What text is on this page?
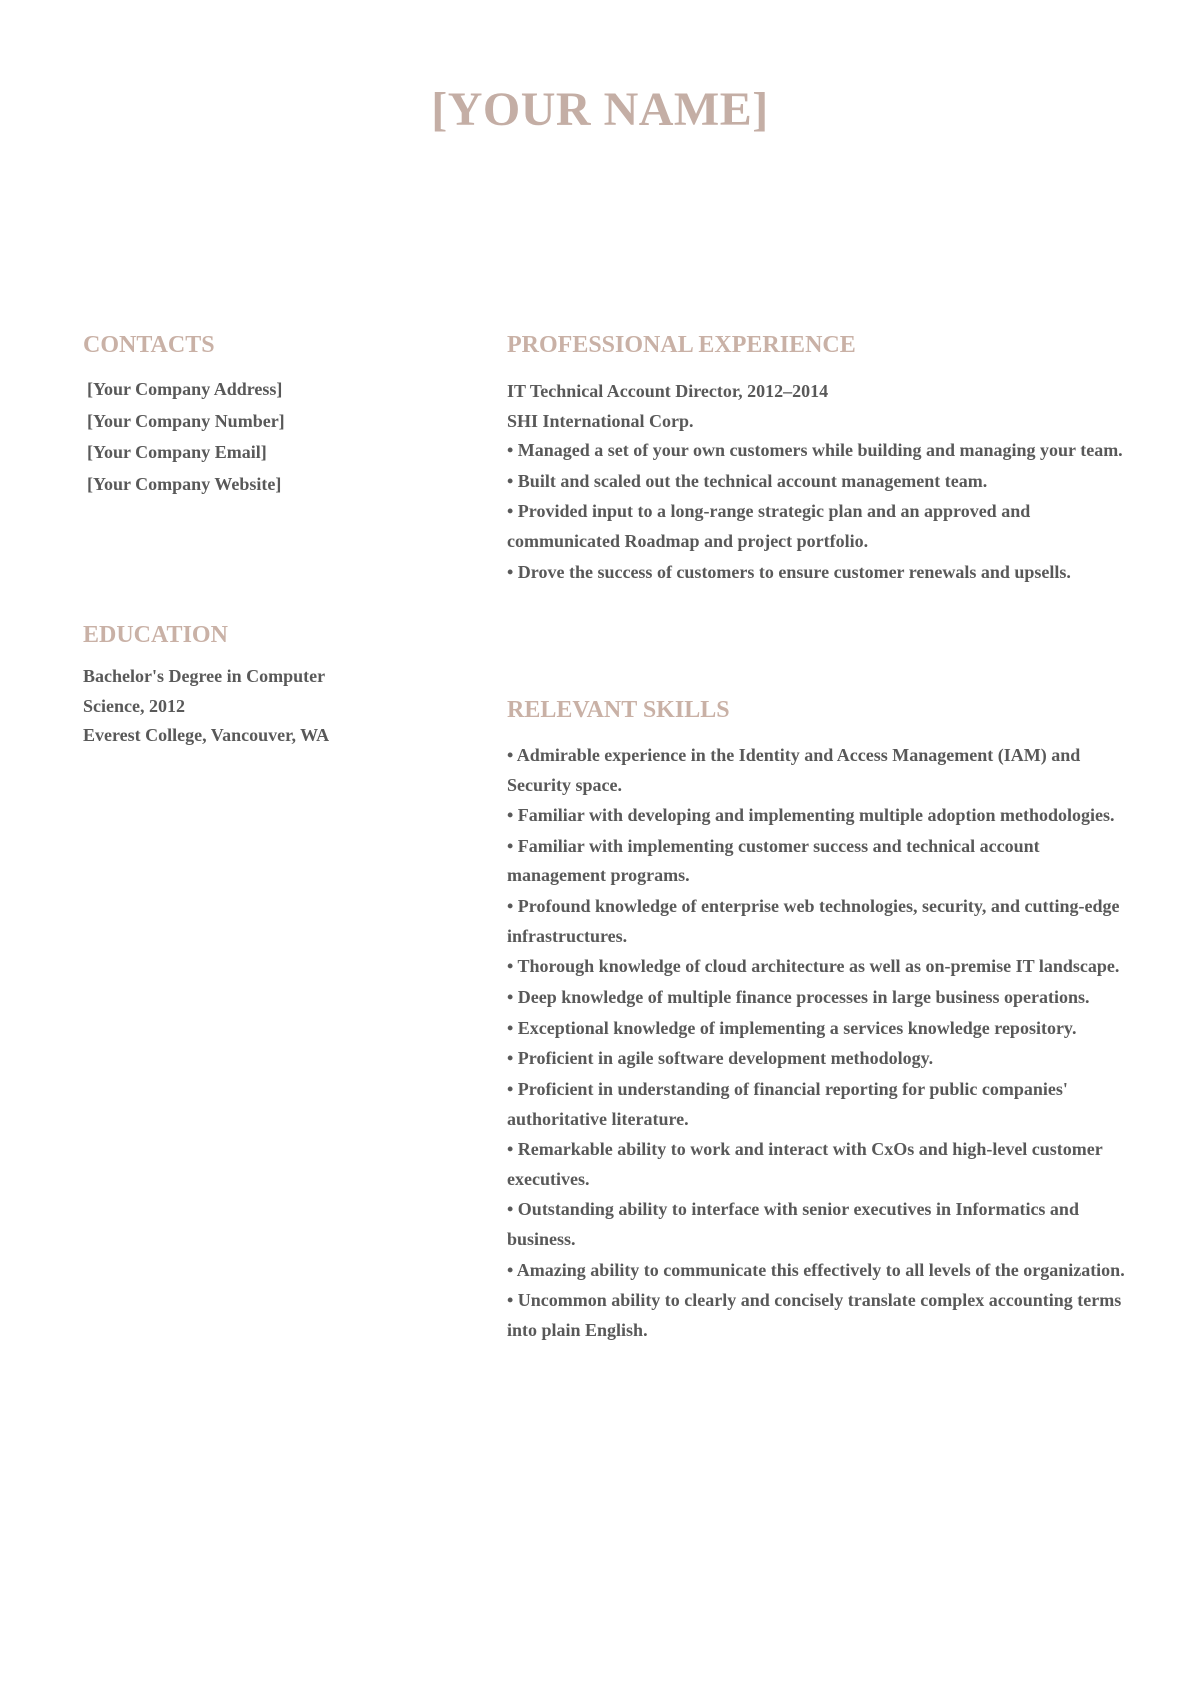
[YOUR NAME]
CONTACTS
[Your Company Address]
[Your Company Number]
[Your Company Email]
[Your Company Website]
EDUCATION
Bachelor's Degree in Computer Science, 2012
Everest College, Vancouver, WA
PROFESSIONAL EXPERIENCE
IT Technical Account Director, 2012–2014
SHI International Corp.
• Managed a set of your own customers while building and managing your team.
• Built and scaled out the technical account management team.
• Provided input to a long-range strategic plan and an approved and communicated Roadmap and project portfolio.
• Drove the success of customers to ensure customer renewals and upsells.
RELEVANT SKILLS
• Admirable experience in the Identity and Access Management (IAM) and Security space.
• Familiar with developing and implementing multiple adoption methodologies.
• Familiar with implementing customer success and technical account management programs.
• Profound knowledge of enterprise web technologies, security, and cutting-edge infrastructures.
• Thorough knowledge of cloud architecture as well as on-premise IT landscape.
• Deep knowledge of multiple finance processes in large business operations.
• Exceptional knowledge of implementing a services knowledge repository.
• Proficient in agile software development methodology.
• Proficient in understanding of financial reporting for public companies' authoritative literature.
• Remarkable ability to work and interact with CxOs and high-level customer executives.
• Outstanding ability to interface with senior executives in Informatics and business.
• Amazing ability to communicate this effectively to all levels of the organization.
• Uncommon ability to clearly and concisely translate complex accounting terms into plain English.
